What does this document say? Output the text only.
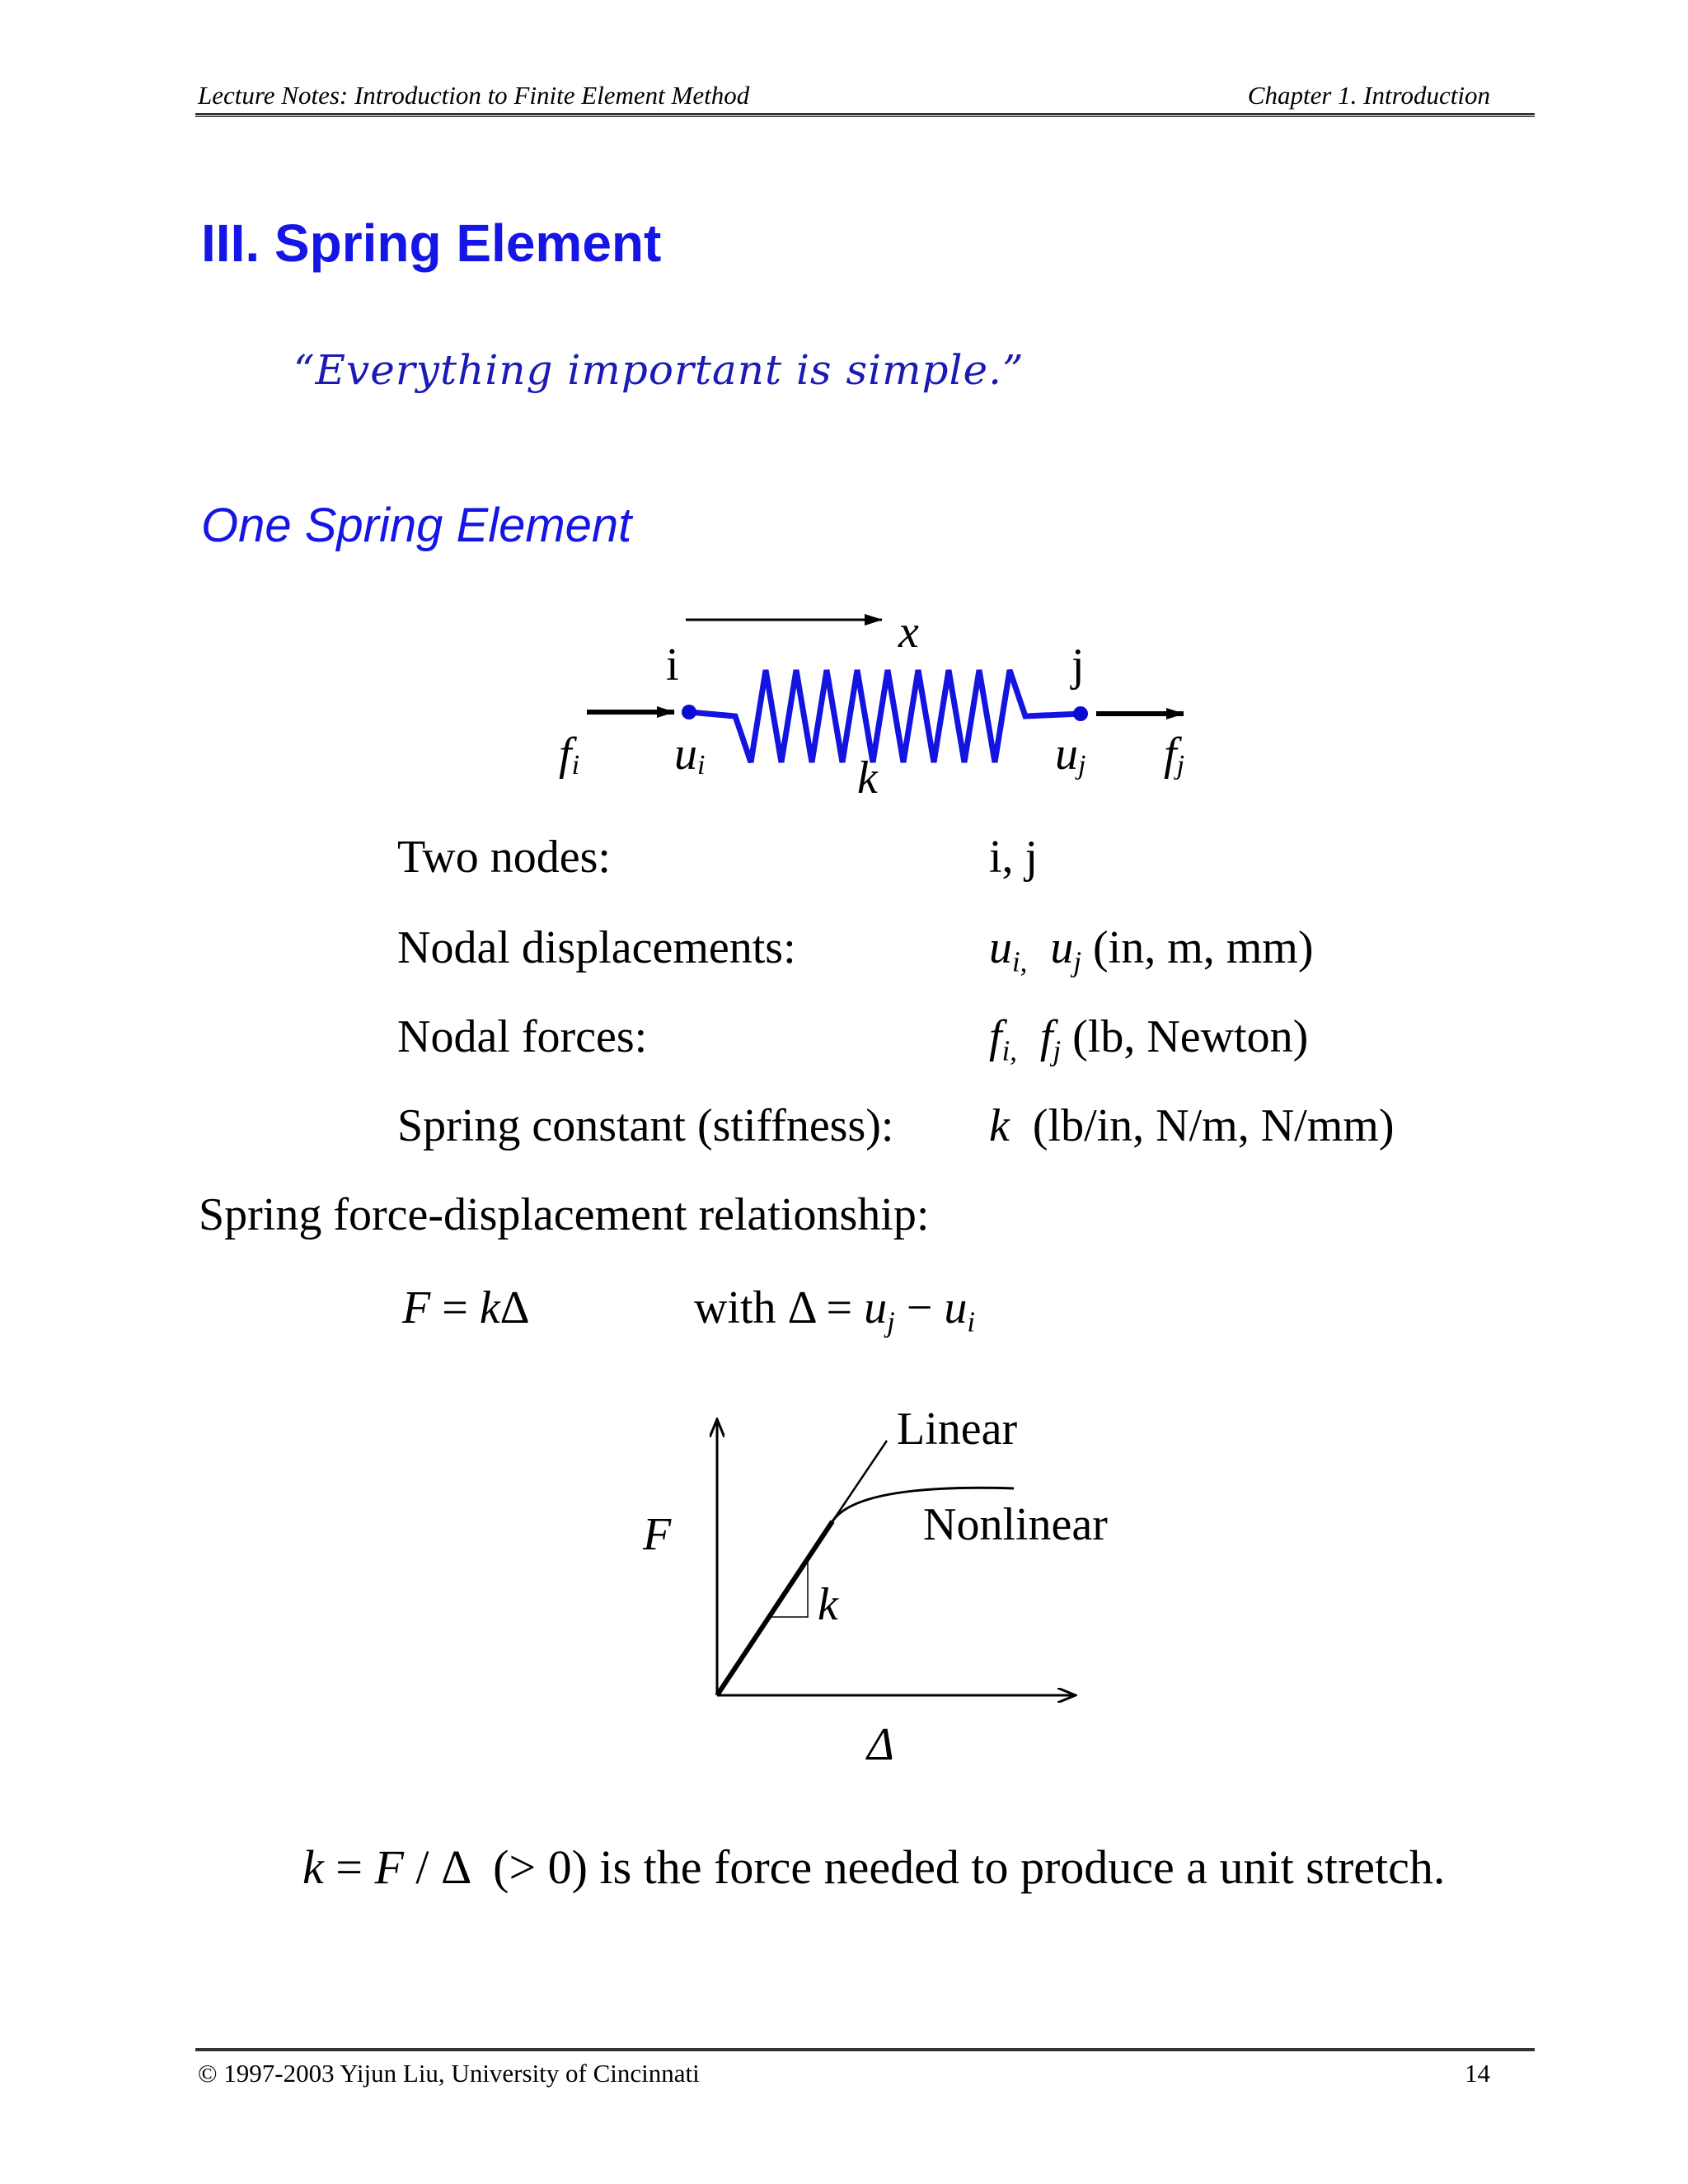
Lecture Notes: Introduction to Finite Element Method	Chapter 1. Introduction
III. Spring Element
“Everything important is simple.”
One Spring Element
x
i	j
fi ui	k	uj fj
Two nodes:	i, j
Nodal displacements:	$u_{i,}$ $u_j$ (in, m, mm)
Nodal forces:	$f_{i,}$ $f_j$ (lb, Newton)
Spring constant (stiffness): k  (lb/in, N/m, N/mm)
Spring force-displacement relationship:
F = kΔ	with $\Delta = u_j - u_i$
Linear
Nonlinear
F
k
Δ
k = F / Δ  (> 0) is the force needed to produce a unit stretch.
© 1997-2003 Yijun Liu, University of Cincinnati	14
